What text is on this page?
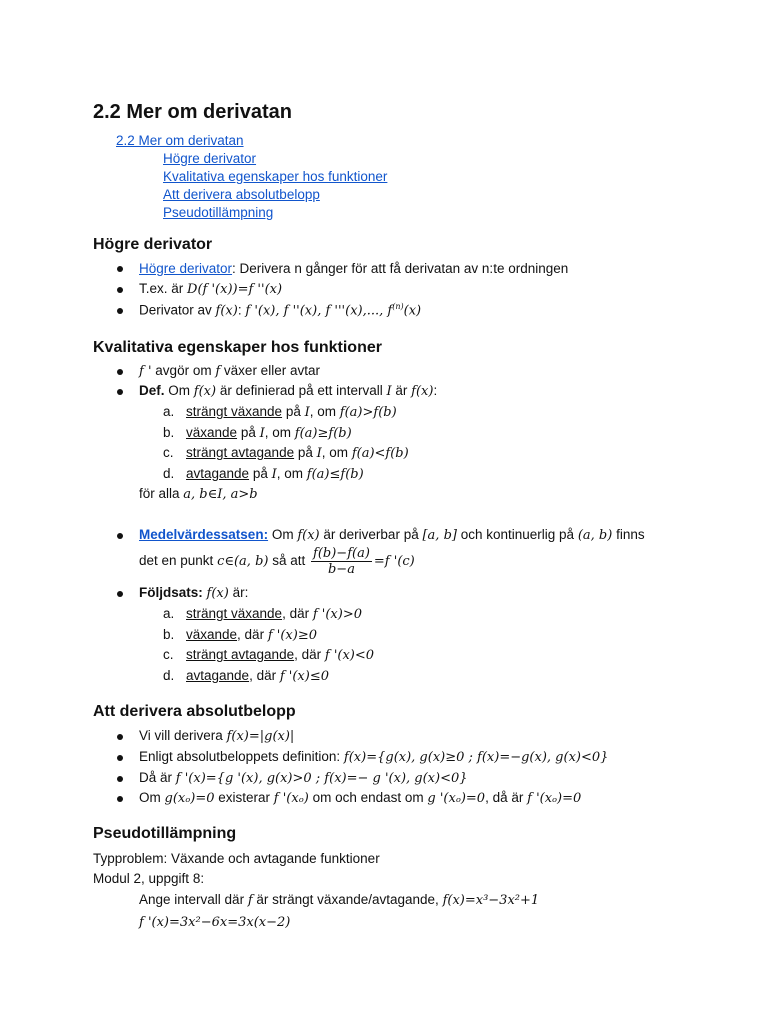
2.2 Mer om derivatan
2.2 Mer om derivatan
Högre derivator
Kvalitativa egenskaper hos funktioner
Att derivera absolutbelopp
Pseudotillämpning
Högre derivator
Högre derivator: Derivera n gånger för att få derivatan av n:te ordningen
T.ex. är D(f '(x))=f ''(x)
Derivator av f(x): f '(x), f ''(x), f '''(x),..., $f^{(n)}(x)$
Kvalitativa egenskaper hos funktioner
f ' avgör om f växer eller avtar
Def. Om f(x) är definierad på ett intervall I är f(x):
a. strängt växande på I, om f(a)>f(b)
b. växande på I, om f(a)≥f(b)
c. strängt avtagande på I, om f(a)<f(b)
d. avtagande på I, om f(a)≤f(b)
för alla a, b∈I, a>b
Medelvärdessatsen: Om f(x) är deriverbar på [a, b] och kontinuerlig på (a, b) finns
det en punkt c∈(a, b) så att $\frac{f(b)-f(a)}{b-a} =f$ '(c)
Följdsats: f(x) är:
a. strängt växande, där f '(x)>0
b. växande, där f '(x)≥0
c. strängt avtagande, där f '(x)<0
d. avtagande, där f '(x)≤0
Att derivera absolutbelopp
Vi vill derivera f(x)=|g(x)|
Enligt absolutbeloppets definition: f(x)={g(x), g(x)≥0 ; f(x)=−g(x), g(x)<0}
Då är f '(x)={g '(x), g(x)>0 ; f(x)=− g '(x), g(x)<0}
Om g(xₒ)=0 existerar f '(xₒ) om och endast om g '(xₒ)=0, då är f '(xₒ)=0
Pseudotillämpning
Typproblem: Växande och avtagande funktioner
Modul 2, uppgift 8:
Ange intervall där f är strängt växande/avtagande, f(x)=x³−3x²+1
f '(x)=3x²−6x=3x(x−2)
